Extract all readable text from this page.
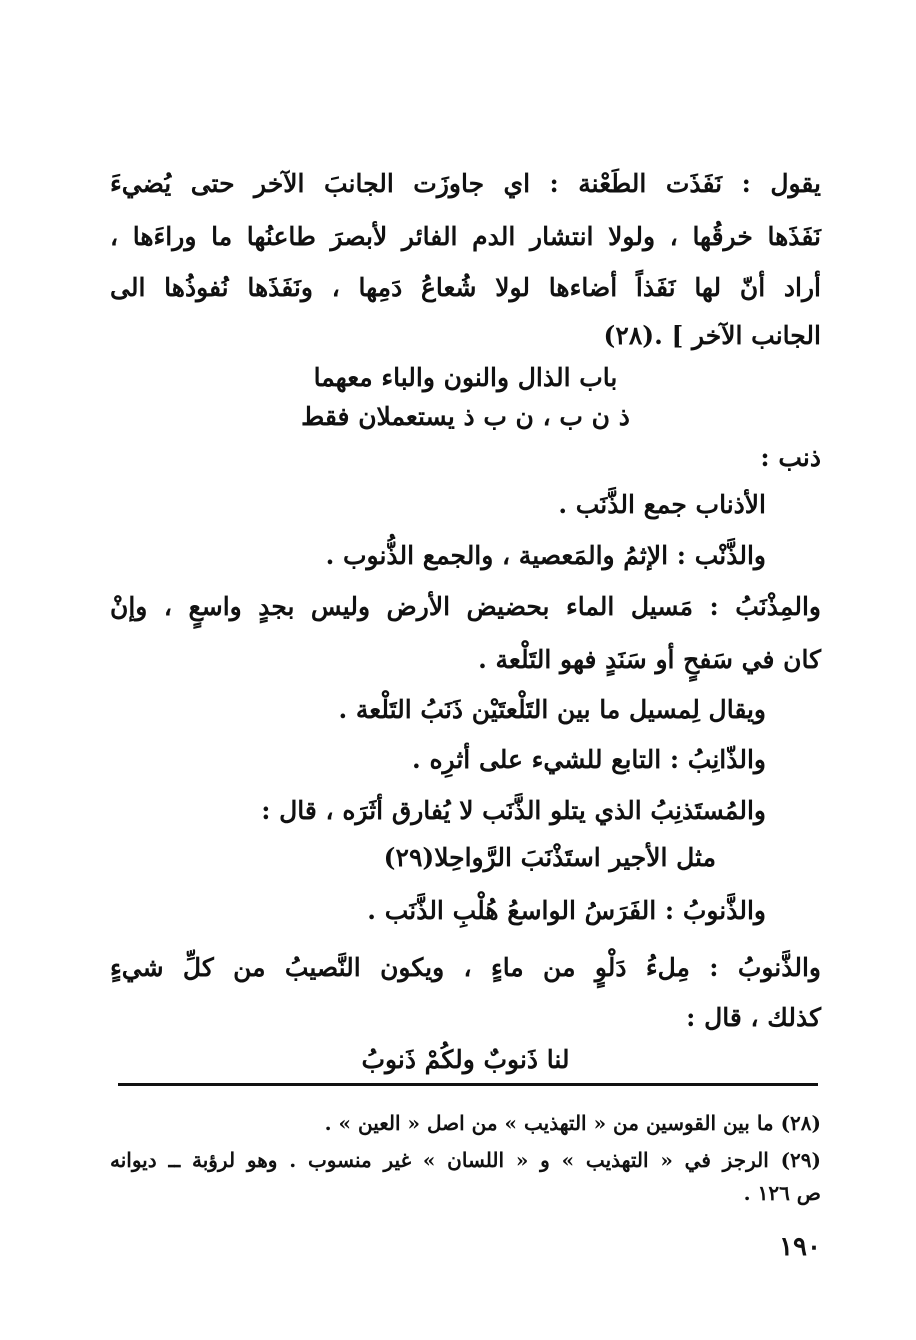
يقول : نَفَذَت الطَعْنة : اي جاوزَت الجانبَ الآخر حتى يُضيءَ
نَفَذَها خرقُها ، ولولا انتشار الدم الفائر لأبصرَ طاعنُها ما وراءَها ،
أراد أنّ لها نَفَذاً أضاءها لولا شُعاعُ دَمِها ، ونَفَذَها نُفوذُها الى
الجانب الآخر ] .(٢٨)
باب الذال والنون والباء معهما
ذ ن ب ، ن ب ذ يستعملان فقط
ذنب :
الأذناب جمع الذَّنَب .
والذَّنْب : الإثمُ والمَعصية ، والجمع الذُّنوب .
والمِذْنَبُ : مَسيل الماء بحضيض الأرض وليس بجدٍ واسعٍ ، وإنْ
كان في سَفحٍ أو سَنَدٍ فهو التَلْعة .
ويقال لِمسيل ما بين التَلْعتَيْن ذَنَبُ التَلْعة .
والذّانِبُ : التابع للشيء على أثرِه .
والمُستَذنِبُ الذي يتلو الذَّنَب لا يُفارق أثَرَه ، قال :
مثل الأجير استَذْنَبَ الرَّواحِلا(٢٩)
والذَّنوبُ : الفَرَسُ الواسعُ هُلْبِ الذَّنَب .
والذَّنوبُ : مِلءُ دَلْوٍ من ماءٍ ، ويكون النَّصيبُ من كلِّ شيءٍ
كذلك ، قال :
لنا ذَنوبٌ ولكُمْ ذَنوبُ
(٢٨) ما بين القوسين من « التهذيب » من اصل « العين » .
(٢٩) الرجز في « التهذيب » و « اللسان » غير منسوب . وهو لرؤبة ــ ديوانه
ص ١٢٦ .
١٩٠
